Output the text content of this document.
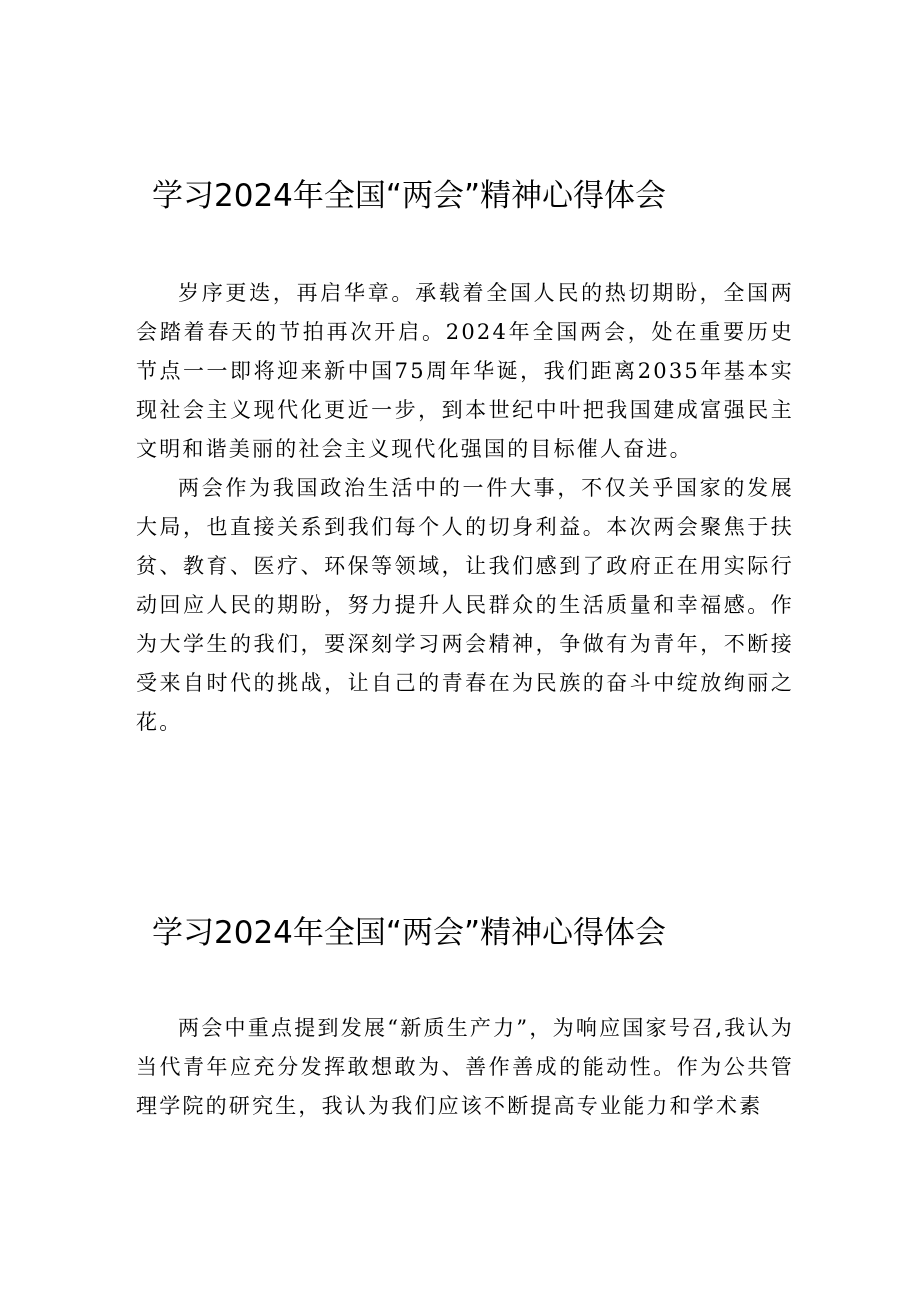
学习2024年全国“两会”精神心得体会

岁序更迭，再启华章。承载着全国人民的热切期盼，全国两会踏着春天的节拍再次开启。2024年全国两会，处在重要历史节点一一即将迎来新中国75周年华诞，我们距离2035年基本实现社会主义现代化更近一步，到本世纪中叶把我国建成富强民主文明和谐美丽的社会主义现代化强国的目标催人奋进。

两会作为我国政治生活中的一件大事，不仅关乎国家的发展大局，也直接关系到我们每个人的切身利益。本次两会聚焦于扶贫、教育、医疗、环保等领域，让我们感到了政府正在用实际行动回应人民的期盼，努力提升人民群众的生活质量和幸福感。作为大学生的我们，要深刻学习两会精神，争做有为青年，不断接受来自时代的挑战，让自己的青春在为民族的奋斗中绽放绚丽之花。

学习2024年全国“两会”精神心得体会

两会中重点提到发展“新质生产力”，为响应国家号召,我认为当代青年应充分发挥敢想敢为、善作善成的能动性。作为公共管理学院的研究生，我认为我们应该不断提高专业能力和学术素
